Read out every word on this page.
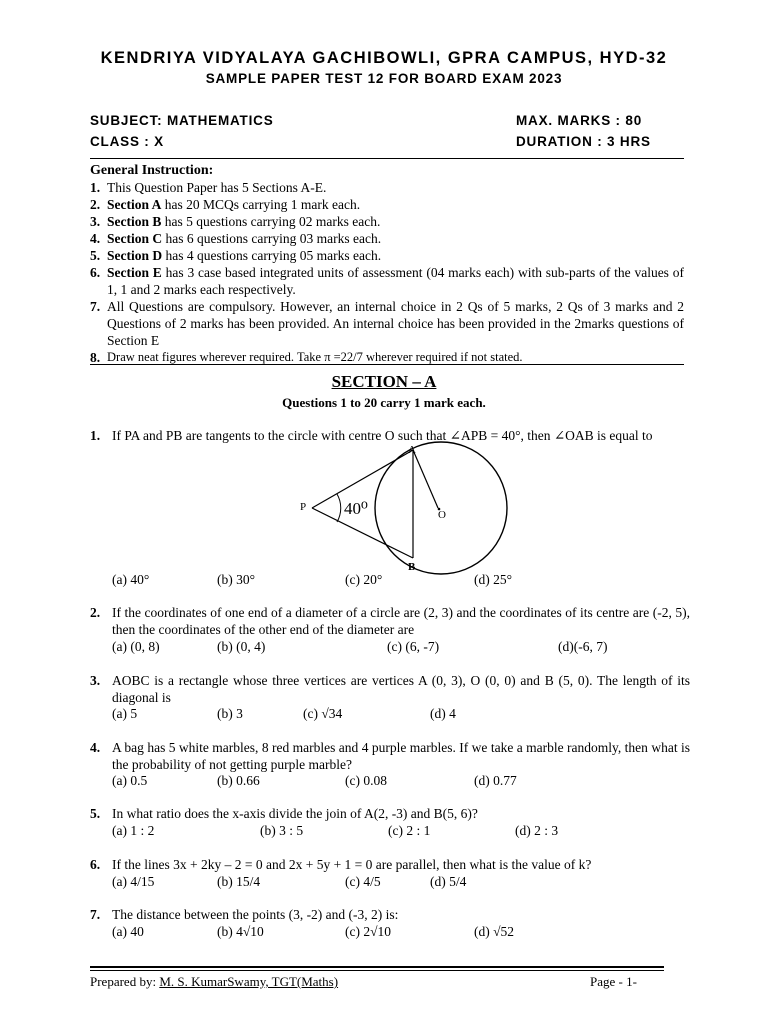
KENDRIYA VIDYALAYA GACHIBOWLI, GPRA CAMPUS, HYD-32
SAMPLE PAPER TEST 12 FOR BOARD EXAM 2023
SUBJECT: MATHEMATICS	MAX. MARKS : 80
CLASS : X	DURATION : 3 HRS
General Instruction:
1. This Question Paper has 5 Sections A-E.
2. Section A has 20 MCQs carrying 1 mark each.
3. Section B has 5 questions carrying 02 marks each.
4. Section C has 6 questions carrying 03 marks each.
5. Section D has 4 questions carrying 05 marks each.
6. Section E has 3 case based integrated units of assessment (04 marks each) with sub-parts of the values of 1, 1 and 2 marks each respectively.
7. All Questions are compulsory. However, an internal choice in 2 Qs of 5 marks, 2 Qs of 3 marks and 2 Questions of 2 marks has been provided. An internal choice has been provided in the 2marks questions of Section E
8. Draw neat figures wherever required. Take π =22/7 wherever required if not stated.
SECTION – A
Questions 1 to 20 carry 1 mark each.
1. If PA and PB are tangents to the circle with centre O such that ∠APB = 40°, then ∠OAB is equal to
A
B
P
O
40⁰
(a) 40°	(b) 30°	(c) 20°	(d) 25°
2. If the coordinates of one end of a diameter of a circle are (2, 3) and the coordinates of its centre are (-2, 5), then the coordinates of the other end of the diameter are
(a) (0, 8)	(b) (0, 4)	(c) (6, -7)	(d)(-6, 7)
3. AOBC is a rectangle whose three vertices are vertices A (0, 3), O (0, 0) and B (5, 0). The length of its diagonal is
(a) 5	(b) 3	(c) √34	(d) 4
4. A bag has 5 white marbles, 8 red marbles and 4 purple marbles. If we take a marble randomly, then what is the probability of not getting purple marble?
(a) 0.5	(b) 0.66	(c) 0.08	(d) 0.77
5. In what ratio does the x-axis divide the join of A(2, -3) and B(5, 6)?
(a) 1 : 2	(b) 3 : 5	(c) 2 : 1	(d) 2 : 3
6. If the lines 3x + 2ky – 2 = 0 and 2x + 5y + 1 = 0 are parallel, then what is the value of k?
(a) 4/15	(b) 15/4	(c) 4/5	(d) 5/4
7. The distance between the points (3, -2) and (-3, 2) is:
(a) 40	(b) 4√10	(c) 2√10	(d) √52
Prepared by: M. S. KumarSwamy, TGT(Maths)	Page - 1-
